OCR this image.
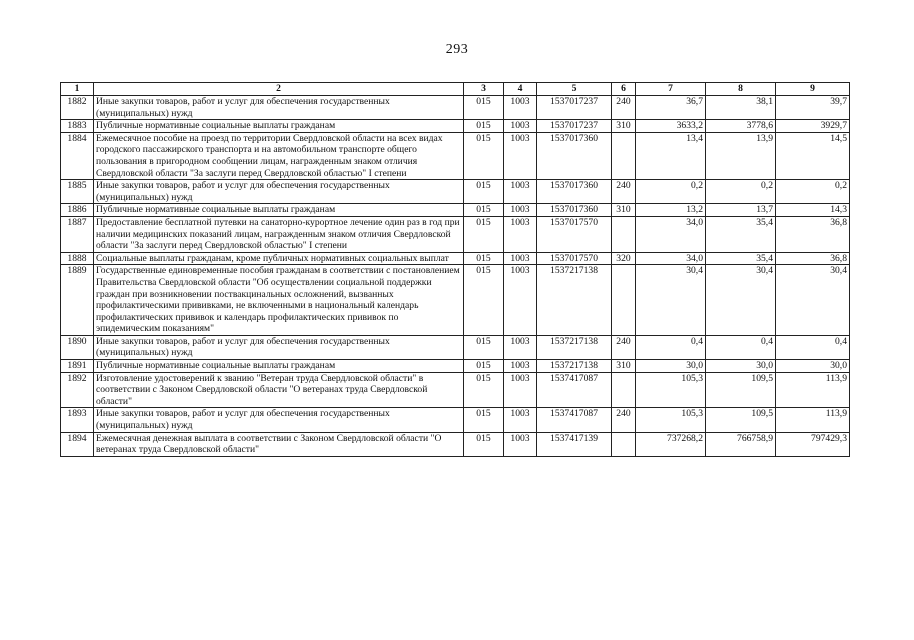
293
1	2	3	4	5	6	7	8	9
1882	Иные закупки товаров, работ и услуг для обеспечения государственных (муниципальных) нужд	015	1003	1537017237	240	36,7	38,1	39,7
1883	Публичные нормативные социальные выплаты гражданам	015	1003	1537017237	310	3633,2	3778,6	3929,7
1884	Ежемесячное пособие на проезд по территории Свердловской области на всех видах городского пассажирского транспорта и на автомобильном транспорте общего пользования в пригородном сообщении лицам, награжденным знаком отличия Свердловской области "За заслуги перед Свердловской областью" I степени	015	1003	1537017360		13,4	13,9	14,5
1885	Иные закупки товаров, работ и услуг для обеспечения государственных (муниципальных) нужд	015	1003	1537017360	240	0,2	0,2	0,2
1886	Публичные нормативные социальные выплаты гражданам	015	1003	1537017360	310	13,2	13,7	14,3
1887	Предоставление бесплатной путевки на санаторно-курортное лечение один раз в год при наличии медицинских показаний лицам, награжденным знаком отличия Свердловской области "За заслуги перед Свердловской областью" I степени	015	1003	1537017570		34,0	35,4	36,8
1888	Социальные выплаты гражданам, кроме публичных нормативных социальных выплат	015	1003	1537017570	320	34,0	35,4	36,8
1889	Государственные единовременные пособия гражданам в соответствии с постановлением Правительства Свердловской области "Об осуществлении социальной поддержки граждан при возникновении поствакцинальных осложнений, вызванных профилактическими прививками, не включенными в национальный календарь профилактических прививок и календарь профилактических прививок по эпидемическим показаниям"	015	1003	1537217138		30,4	30,4	30,4
1890	Иные закупки товаров, работ и услуг для обеспечения государственных (муниципальных) нужд	015	1003	1537217138	240	0,4	0,4	0,4
1891	Публичные нормативные социальные выплаты гражданам	015	1003	1537217138	310	30,0	30,0	30,0
1892	Изготовление удостоверений к званию "Ветеран труда Свердловской области" в соответствии с Законом Свердловской области "О ветеранах труда Свердловской области"	015	1003	1537417087		105,3	109,5	113,9
1893	Иные закупки товаров, работ и услуг для обеспечения государственных (муниципальных) нужд	015	1003	1537417087	240	105,3	109,5	113,9
1894	Ежемесячная денежная выплата в соответствии с Законом Свердловской области "О ветеранах труда Свердловской области"	015	1003	1537417139		737268,2	766758,9	797429,3
